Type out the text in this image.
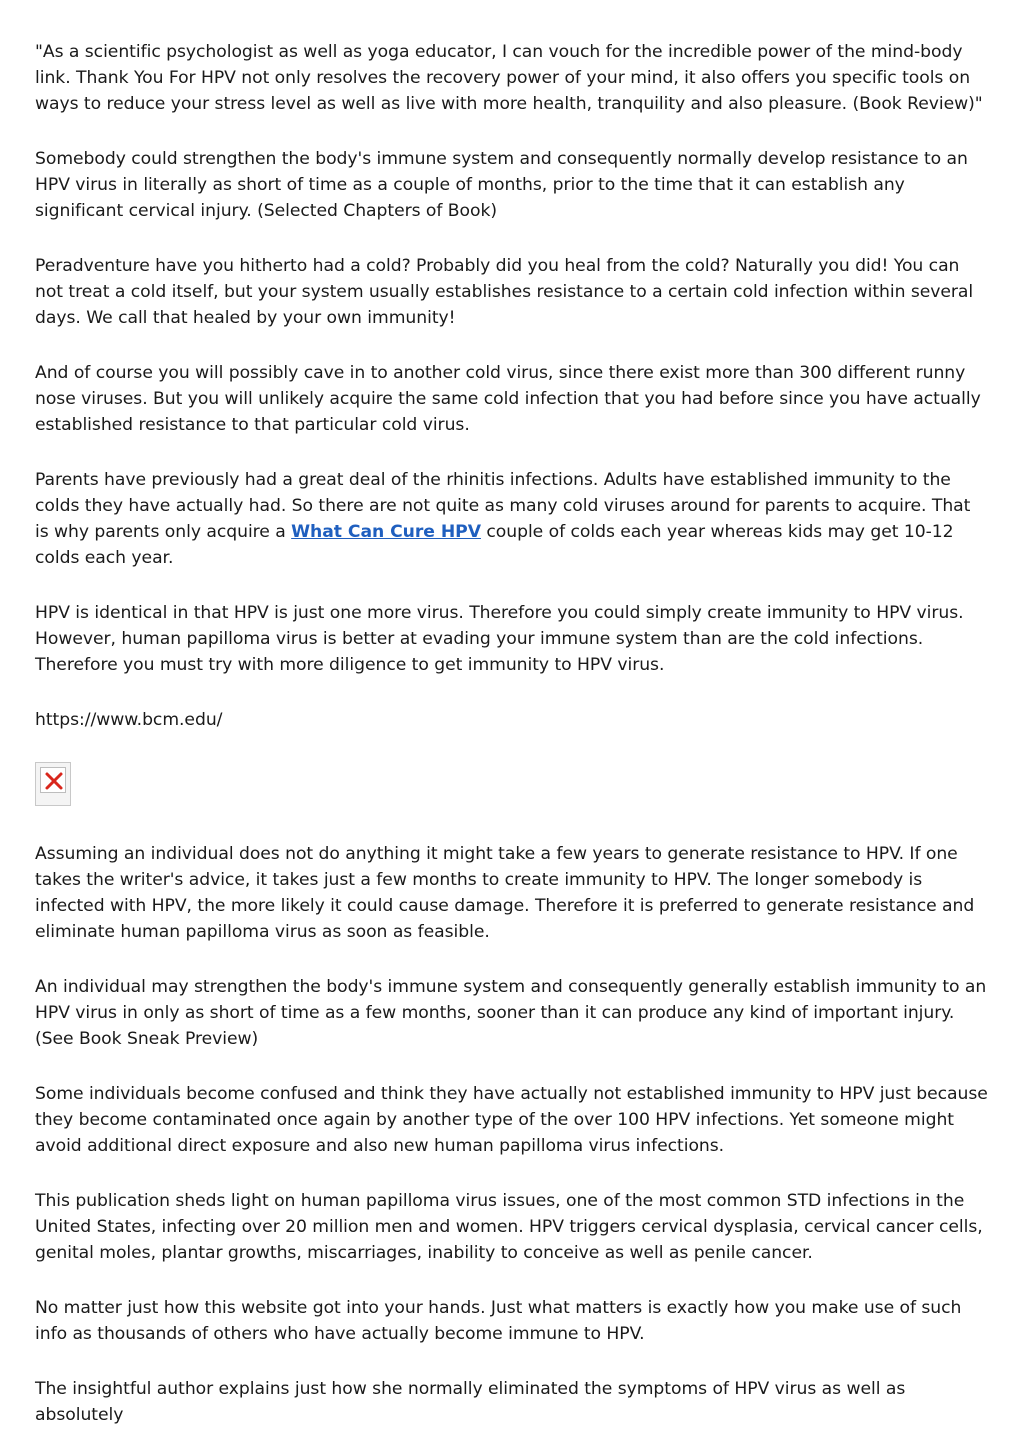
"As a scientific psychologist as well as yoga educator, I can vouch for the incredible power of the mind-body link. Thank You For HPV not only resolves the recovery power of your mind, it also offers you specific tools on ways to reduce your stress level as well as live with more health, tranquility and also pleasure. (Book Review)"

Somebody could strengthen the body's immune system and consequently normally develop resistance to an HPV virus in literally as short of time as a couple of months, prior to the time that it can establish any significant cervical injury. (Selected Chapters of Book)

Peradventure have you hitherto had a cold? Probably did you heal from the cold? Naturally you did! You can not treat a cold itself, but your system usually establishes resistance to a certain cold infection within several days. We call that healed by your own immunity!

And of course you will possibly cave in to another cold virus, since there exist more than 300 different runny nose viruses. But you will unlikely acquire the same cold infection that you had before since you have actually established resistance to that particular cold virus.

Parents have previously had a great deal of the rhinitis infections. Adults have established immunity to the colds they have actually had. So there are not quite as many cold viruses around for parents to acquire. That is why parents only acquire a What Can Cure HPV couple of colds each year whereas kids may get 10-12 colds each year.

HPV is identical in that HPV is just one more virus. Therefore you could simply create immunity to HPV virus. However, human papilloma virus is better at evading your immune system than are the cold infections. Therefore you must try with more diligence to get immunity to HPV virus.

https://www.bcm.edu/

Assuming an individual does not do anything it might take a few years to generate resistance to HPV. If one takes the writer's advice, it takes just a few months to create immunity to HPV. The longer somebody is infected with HPV, the more likely it could cause damage. Therefore it is preferred to generate resistance and eliminate human papilloma virus as soon as feasible.

An individual may strengthen the body's immune system and consequently generally establish immunity to an HPV virus in only as short of time as a few months, sooner than it can produce any kind of important injury. (See Book Sneak Preview)

Some individuals become confused and think they have actually not established immunity to HPV just because they become contaminated once again by another type of the over 100 HPV infections. Yet someone might avoid additional direct exposure and also new human papilloma virus infections.

This publication sheds light on human papilloma virus issues, one of the most common STD infections in the United States, infecting over 20 million men and women. HPV triggers cervical dysplasia, cervical cancer cells, genital moles, plantar growths, miscarriages, inability to conceive as well as penile cancer.

No matter just how this website got into your hands. Just what matters is exactly how you make use of such info as thousands of others who have actually become immune to HPV.

The insightful author explains just how she normally eliminated the symptoms of HPV virus as well as absolutely
